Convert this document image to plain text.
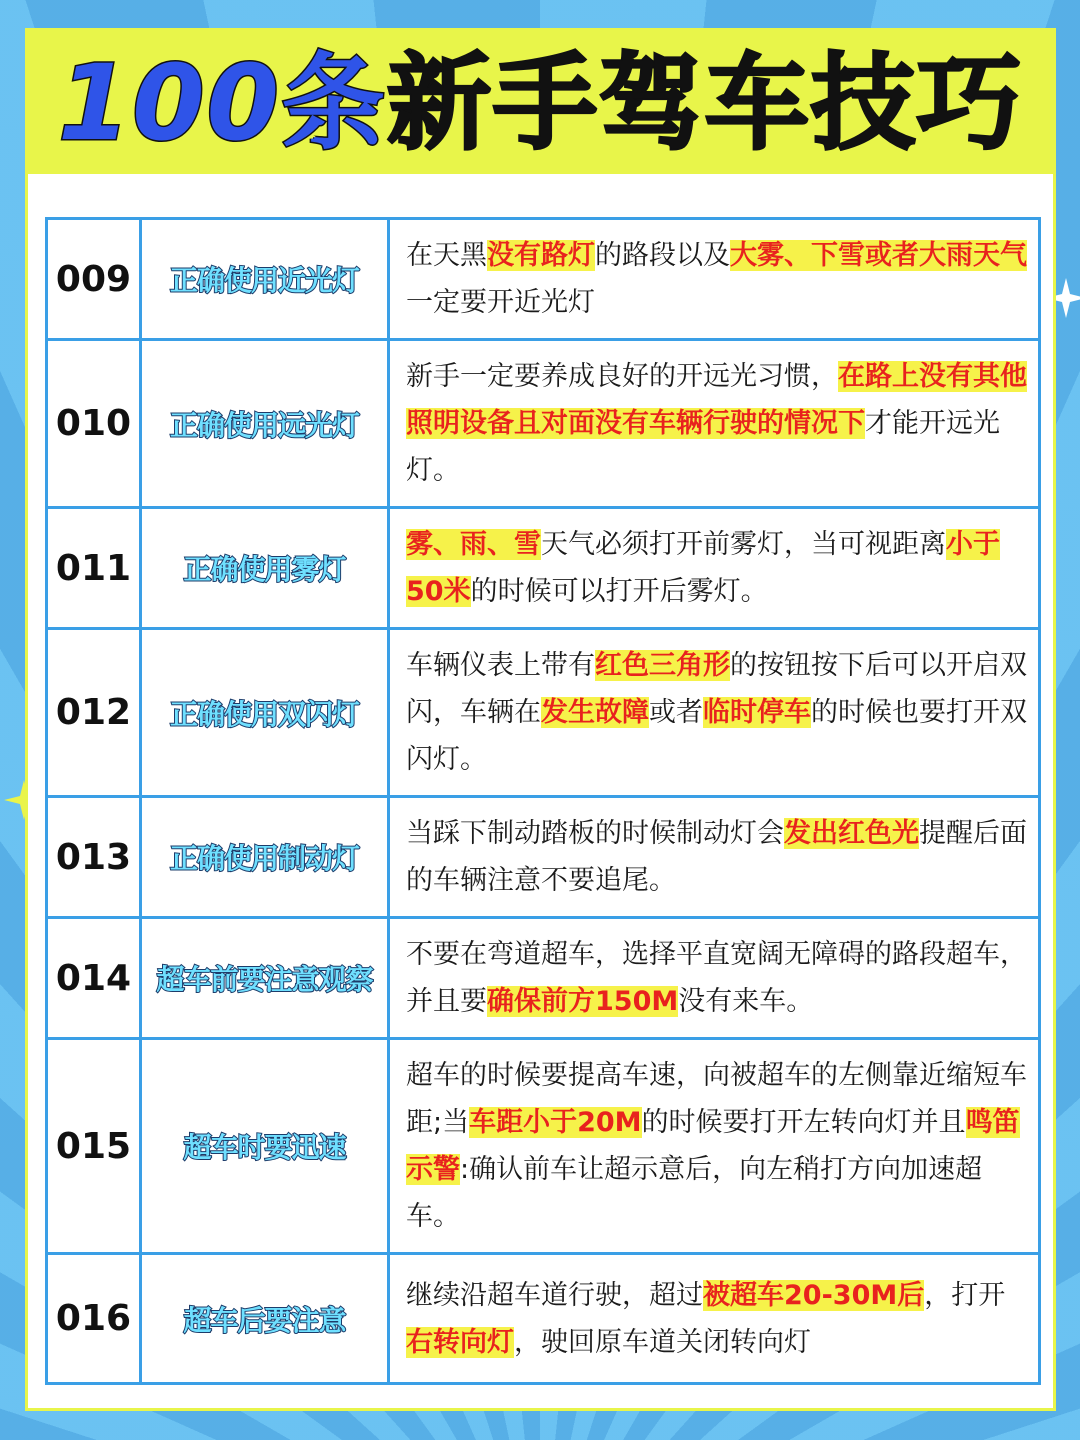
100条新手驾车技巧
009	正确使用近光灯	在天黑没有路灯的路段以及大雾、下雪或者大雨天气一定要开近光灯

010	正确使用远光灯	新手一定要养成良好的开远光习惯，在路上没有其他照明设备且对面没有车辆行驶的情况下才能开远光灯。

011	正确使用雾灯	雾、雨、雪天气必须打开前雾灯，当可视距离小于50米的时候可以打开后雾灯。

012	正确使用双闪灯	车辆仪表上带有红色三角形的按钮按下后可以开启双闪，车辆在发生故障或者临时停车的时候也要打开双闪灯。

013	正确使用制动灯	当踩下制动踏板的时候制动灯会发出红色光提醒后面的车辆注意不要追尾。

014	超车前要注意观察	不要在弯道超车，选择平直宽阔无障碍的路段超车，并且要确保前方150M没有来车。

015	超车时要迅速	超车的时候要提高车速，向被超车的左侧靠近缩短车距;当车距小于20M的时候要打开左转向灯并且鸣笛示警:确认前车让超示意后，向左稍打方向加速超车。

016	超车后要注意	继续沿超车道行驶，超过被超车20-30M后，打开右转向灯，驶回原车道关闭转向灯
